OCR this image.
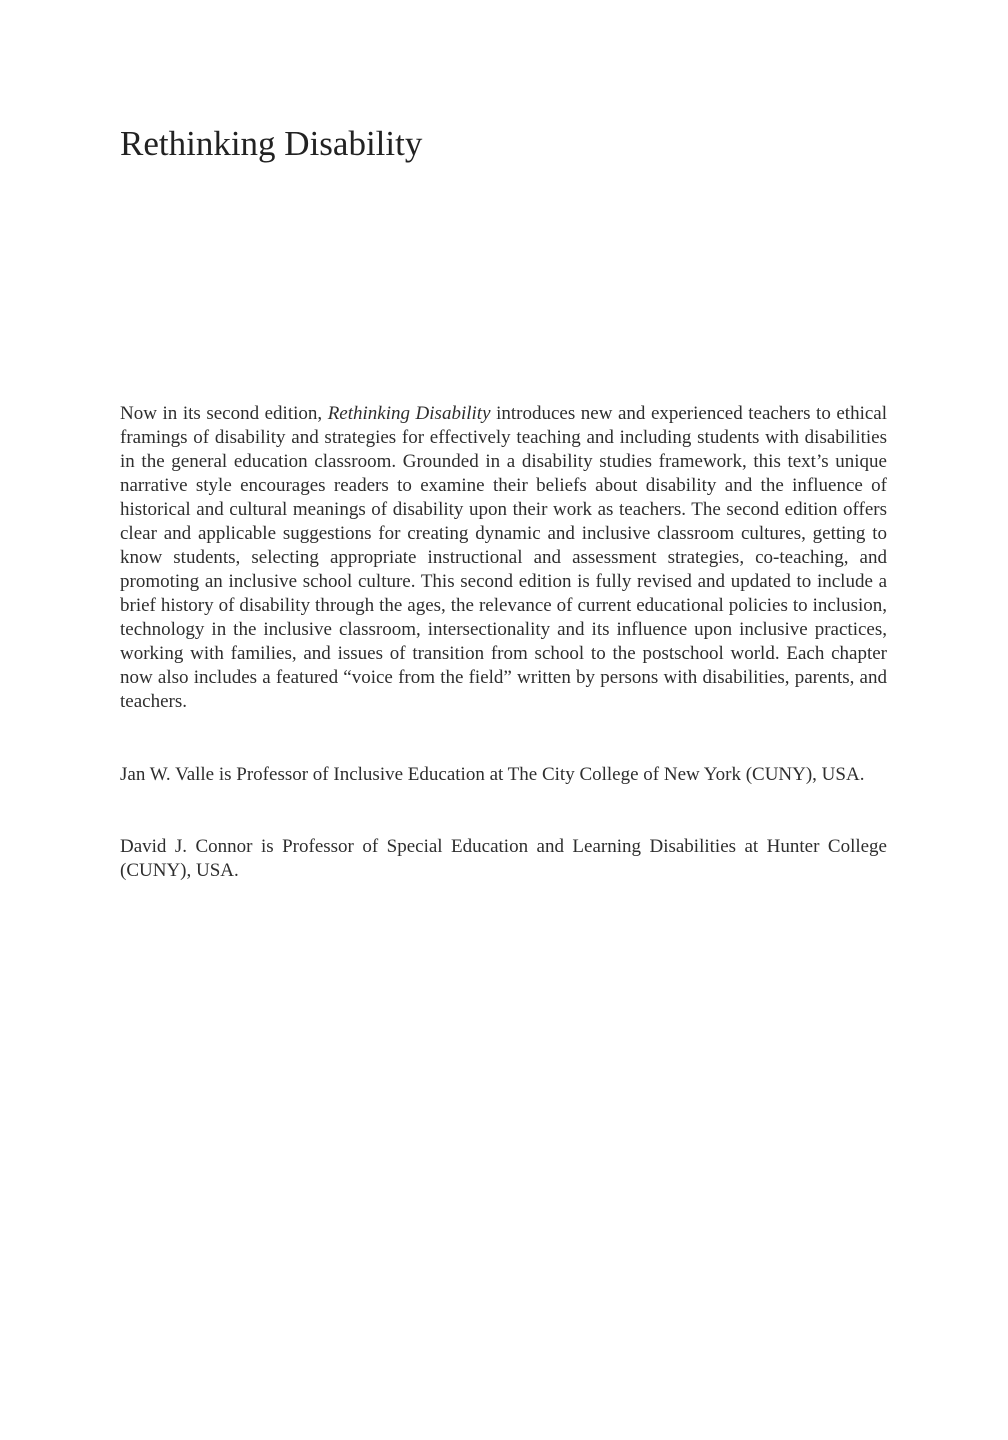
Rethinking Disability

Now in its second edition, Rethinking Disability introduces new and experienced teachers to ethical framings of disability and strategies for effectively teaching and including students with disabilities in the general education classroom. Grounded in a disability studies framework, this text’s unique narrative style encourages readers to examine their beliefs about disability and the influence of historical and cultural meanings of disability upon their work as teachers. The second edition offers clear and applicable suggestions for creating dynamic and inclusive classroom cultures, getting to know students, selecting appropriate instructional and assessment strategies, co-teaching, and promoting an inclusive school culture. This second edition is fully revised and updated to include a brief history of disability through the ages, the relevance of current educational policies to inclusion, technology in the inclusive classroom, intersectionality and its influence upon inclusive practices, working with families, and issues of transition from school to the postschool world. Each chapter now also includes a featured “voice from the field” written by persons with disabilities, parents, and teachers.

Jan W. Valle is Professor of Inclusive Education at The City College of New York (CUNY), USA.

David J. Connor is Professor of Special Education and Learning Disabilities at Hunter College (CUNY), USA.
